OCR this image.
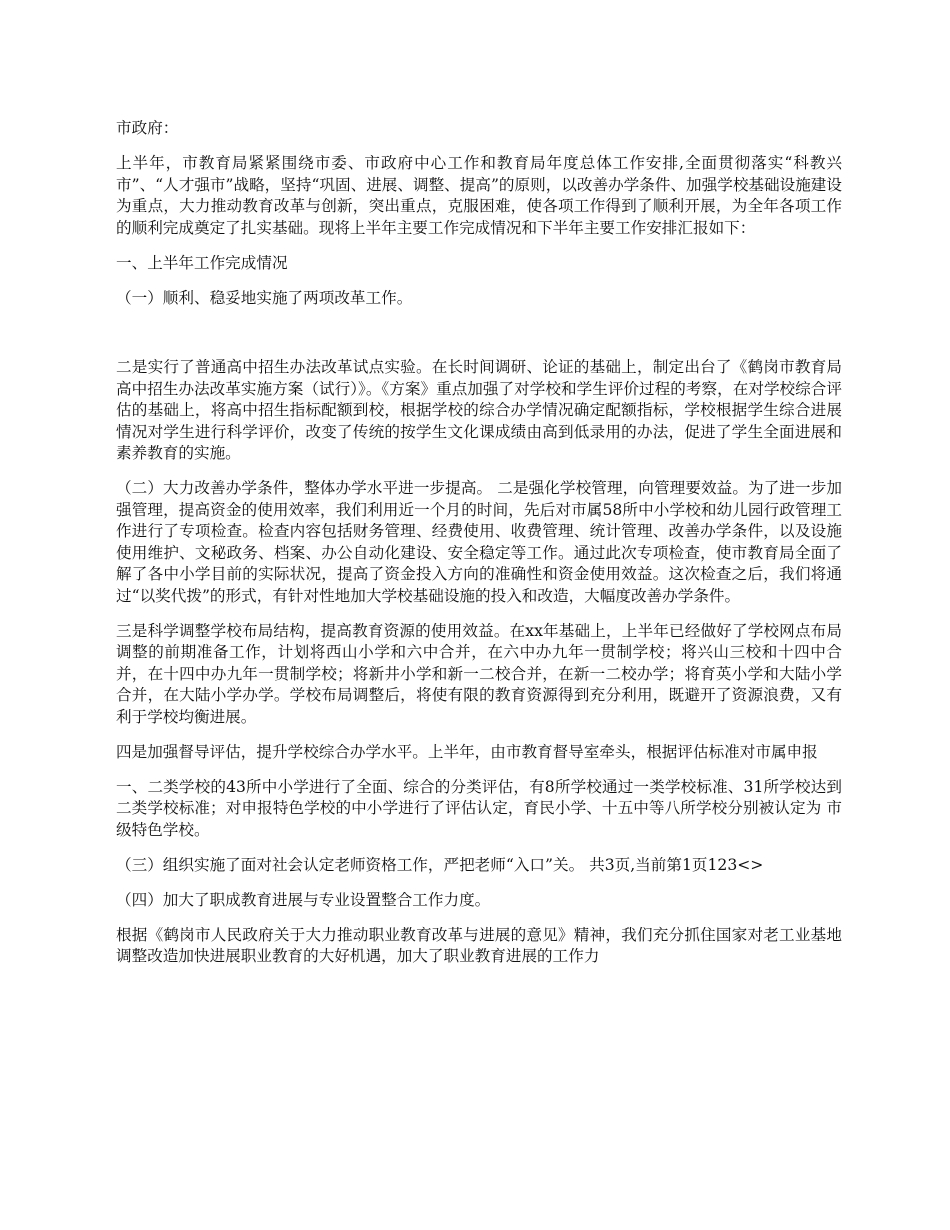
市政府：

上半年，市教育局紧紧围绕市委、市政府中心工作和教育局年度总体工作安排,全面贯彻落实“科教兴市”、“人才强市”战略，坚持“巩固、进展、调整、提高”的原则，以改善办学条件、加强学校基础设施建设为重点，大力推动教育改革与创新，突出重点，克服困难，使各项工作得到了顺利开展，为全年各项工作的顺利完成奠定了扎实基础。现将上半年主要工作完成情况和下半年主要工作安排汇报如下：

一、上半年工作完成情况

（一）顺利、稳妥地实施了两项改革工作。

二是实行了普通高中招生办法改革试点实验。在长时间调研、论证的基础上，制定出台了《鹤岗市教育局高中招生办法改革实施方案（试行）》。《方案》重点加强了对学校和学生评价过程的考察，在对学校综合评估的基础上，将高中招生指标配额到校，根据学校的综合办学情况确定配额指标，学校根据学生综合进展情况对学生进行科学评价，改变了传统的按学生文化课成绩由高到低录用的办法，促进了学生全面进展和素养教育的实施。

（二）大力改善办学条件，整体办学水平进一步提高。 二是强化学校管理，向管理要效益。为了进一步加强管理，提高资金的使用效率，我们利用近一个月的时间，先后对市属58所中小学校和幼儿园行政管理工作进行了专项检查。检查内容包括财务管理、经费使用、收费管理、统计管理、改善办学条件，以及设施使用维护、文秘政务、档案、办公自动化建设、安全稳定等工作。通过此次专项检查，使市教育局全面了解了各中小学目前的实际状况，提高了资金投入方向的准确性和资金使用效益。这次检查之后，我们将通过“以奖代拨”的形式，有针对性地加大学校基础设施的投入和改造，大幅度改善办学条件。

三是科学调整学校布局结构，提高教育资源的使用效益。在xx年基础上，上半年已经做好了学校网点布局调整的前期准备工作，计划将西山小学和六中合并，在六中办九年一贯制学校；将兴山三校和十四中合并，在十四中办九年一贯制学校；将新井小学和新一二校合并，在新一二校办学；将育英小学和大陆小学合并，在大陆小学办学。学校布局调整后，将使有限的教育资源得到充分利用，既避开了资源浪费，又有利于学校均衡进展。

四是加强督导评估，提升学校综合办学水平。上半年，由市教育督导室牵头，根据评估标准对市属申报

一、二类学校的43所中小学进行了全面、综合的分类评估，有8所学校通过一类学校标准、31所学校达到二类学校标准；对申报特色学校的中小学进行了评估认定，育民小学、十五中等八所学校分别被认定为 市级特色学校。

（三）组织实施了面对社会认定老师资格工作，严把老师“入口”关。 共3页,当前第1页123<>

（四）加大了职成教育进展与专业设置整合工作力度。

根据《鹤岗市人民政府关于大力推动职业教育改革与进展的意见》精神，我们充分抓住国家对老工业基地调整改造加快进展职业教育的大好机遇，加大了职业教育进展的工作力
